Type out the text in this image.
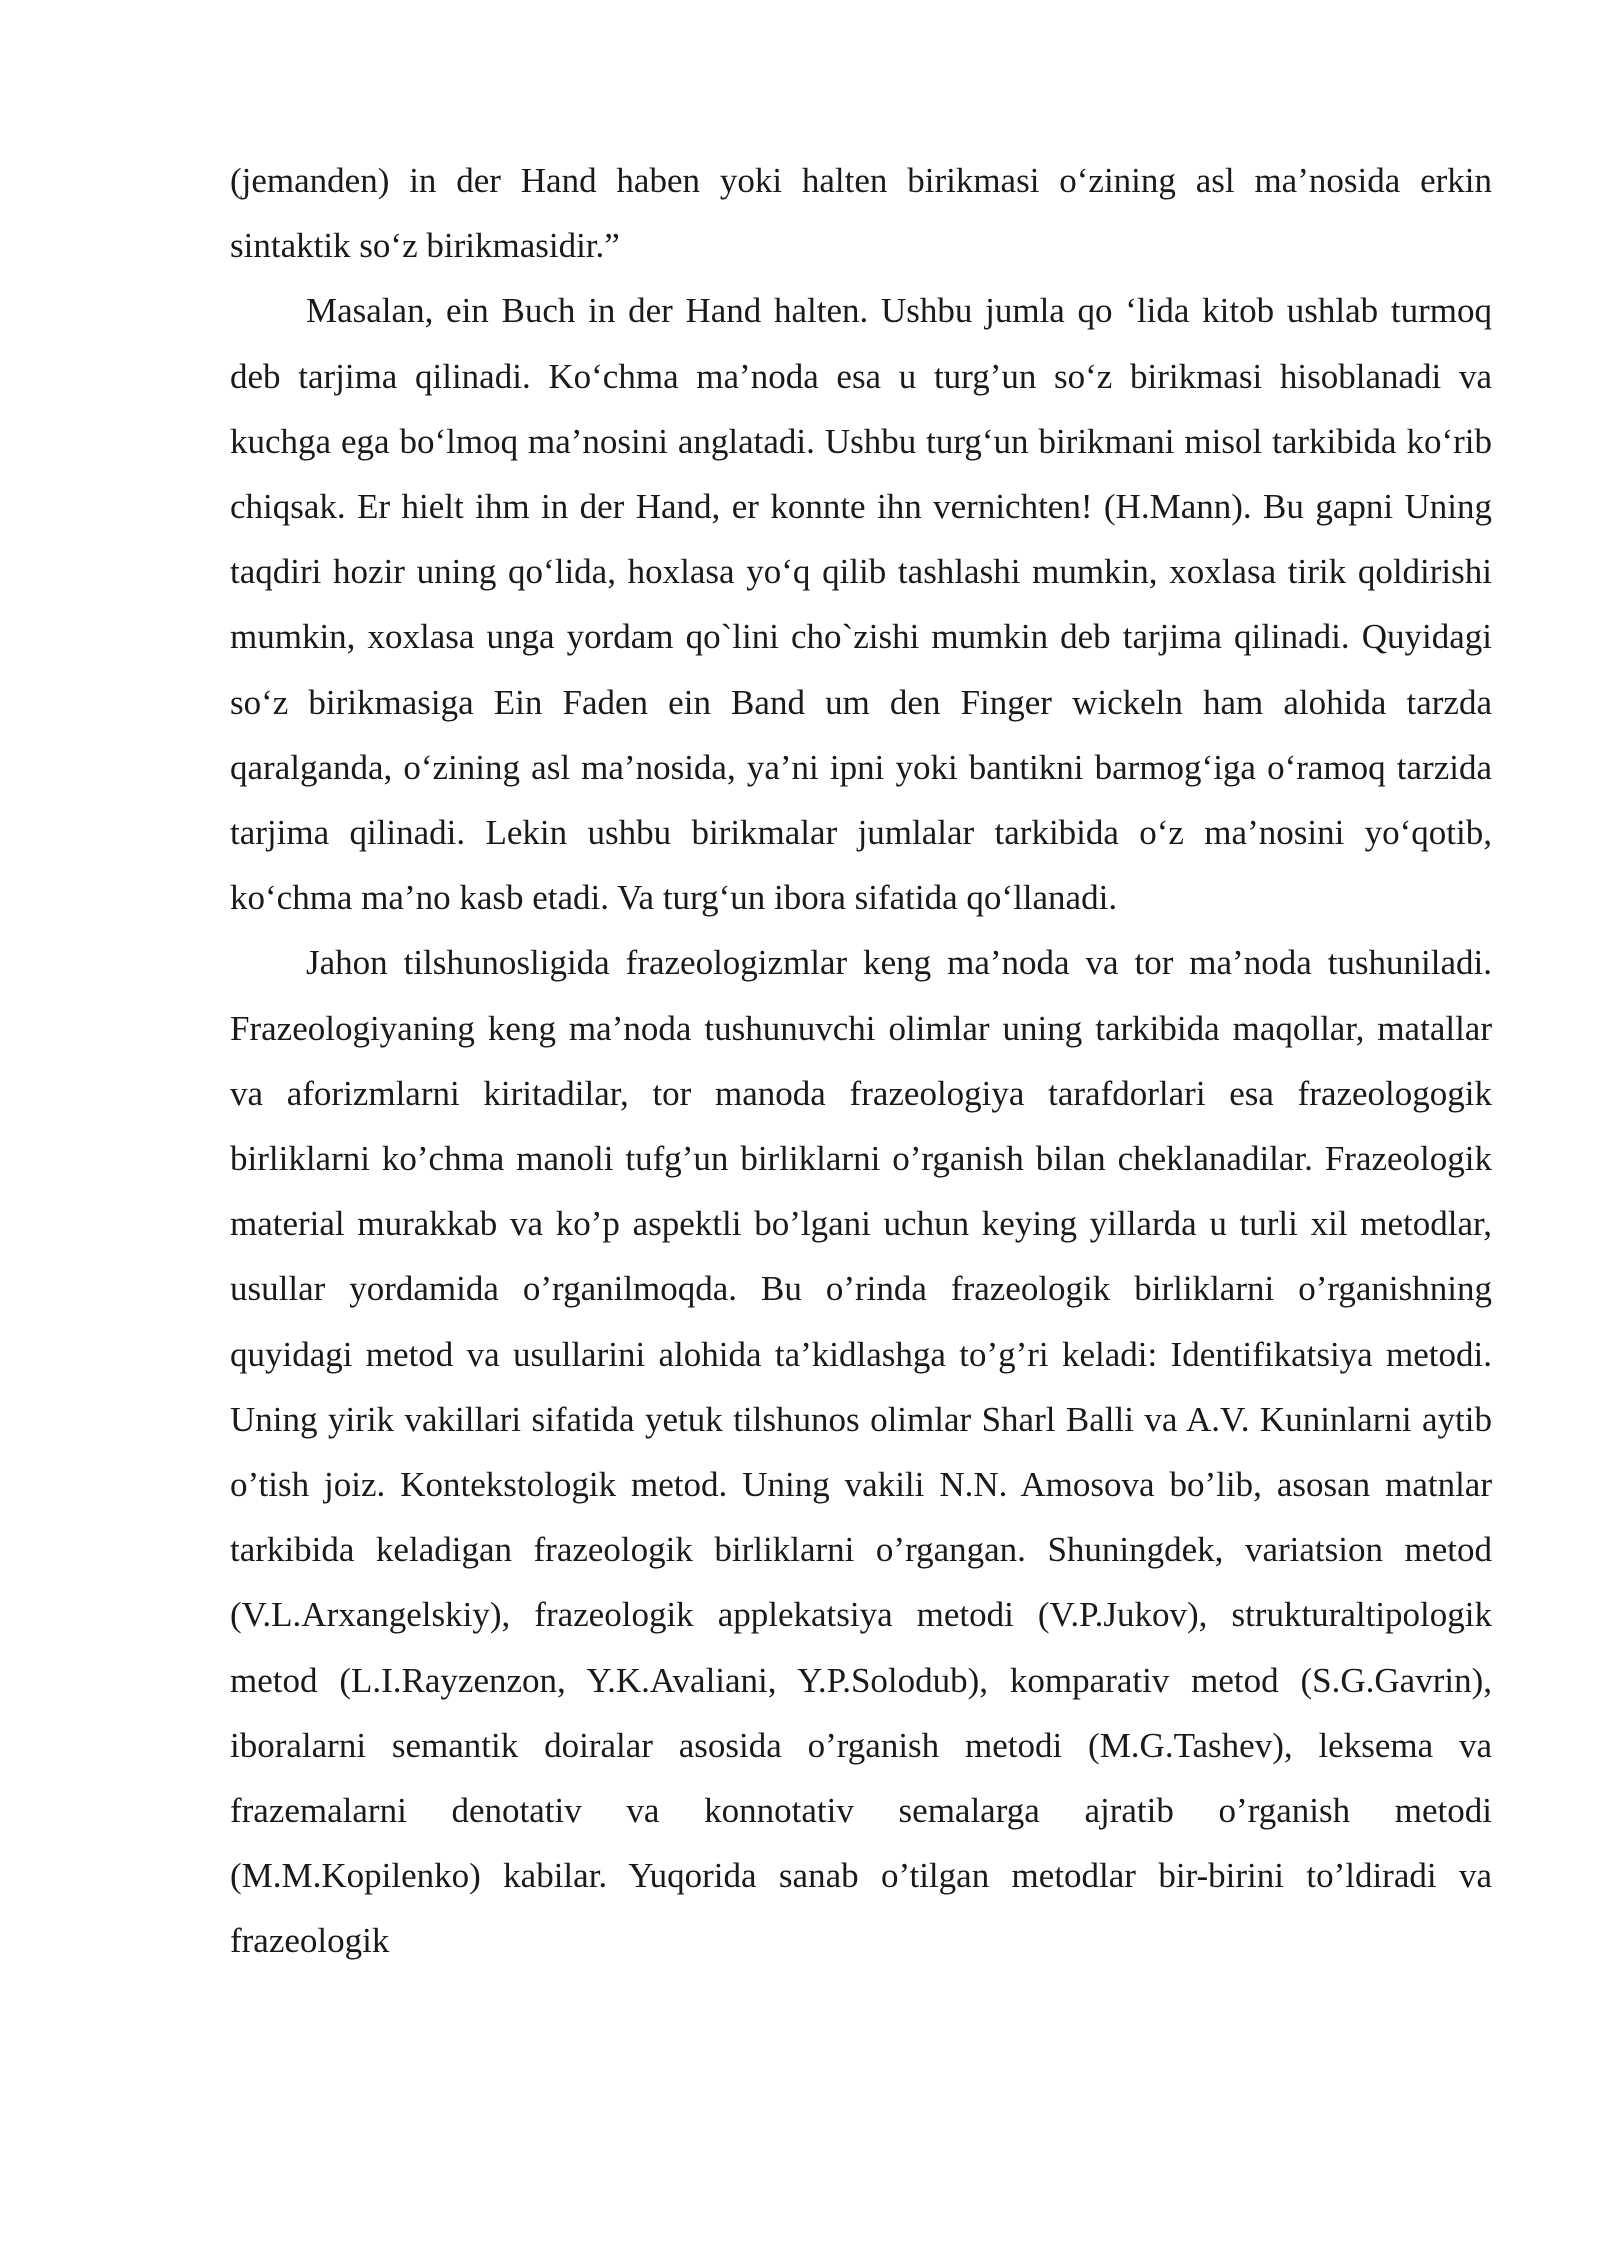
(jemanden) in der Hand haben yoki halten birikmasi o‘zining asl ma’nosida erkin sintaktik so‘z birikmasidir.”

Masalan, ein Buch in der Hand halten. Ushbu jumla qo ‘lida kitob ushlab turmoq deb tarjima qilinadi. Ko‘chma ma’noda esa u turg’un so‘z birikmasi hisoblanadi va kuchga ega bo‘lmoq ma’nosini anglatadi. Ushbu turg‘un birikmani misol tarkibida ko‘rib chiqsak. Er hielt ihm in der Hand, er konnte ihn vernichten! (H.Mann). Bu gapni Uning taqdiri hozir uning qo‘lida, hoxlasa yo‘q qilib tashlashi mumkin, xoxlasa tirik qoldirishi mumkin, xoxlasa unga yordam qo`lini cho`zishi mumkin deb tarjima qilinadi. Quyidagi so‘z birikmasiga Ein Faden ein Band um den Finger wickeln ham alohida tarzda qaralganda, o‘zining asl ma’nosida, ya’ni ipni yoki bantikni barmog‘iga o‘ramoq tarzida tarjima qilinadi. Lekin ushbu birikmalar jumlalar tarkibida o‘z ma’nosini yo‘qotib, ko‘chma ma’no kasb etadi. Va turg‘un ibora sifatida qo‘llanadi.

Jahon tilshunosligida frazeologizmlar keng ma’noda va tor ma’noda tushuniladi. Frazeologiyaning keng ma’noda tushunuvchi olimlar uning tarkibida maqollar, matallar va aforizmlarni kiritadilar, tor manoda frazeologiya tarafdorlari esa frazeologogik birliklarni ko’chma manoli tufg’un birliklarni o’rganish bilan cheklanadilar. Frazeologik material murakkab va ko’p aspektli bo’lgani uchun keying yillarda u turli xil metodlar, usullar yordamida o’rganilmoqda. Bu o’rinda frazeologik birliklarni o’rganishning quyidagi metod va usullarini alohida ta’kidlashga to’g’ri keladi: Identifikatsiya metodi. Uning yirik vakillari sifatida yetuk tilshunos olimlar Sharl Balli va A.V. Kuninlarni aytib o’tish joiz. Kontekstologik metod. Uning vakili N.N. Amosova bo’lib, asosan matnlar tarkibida keladigan frazeologik birliklarni o’rgangan. Shuningdek, variatsion metod (V.L.Arxangelskiy), frazeologik applekatsiya metodi (V.P.Jukov), strukturaltipologik metod (L.I.Rayzenzon, Y.K.Avaliani, Y.P.Solodub), komparativ metod (S.G.Gavrin), iboralarni semantik doiralar asosida o’rganish metodi (M.G.Tashev), leksema va frazemalarni denotativ va konnotativ semalarga ajratib o’rganish metodi (M.M.Kopilenko) kabilar. Yuqorida sanab o’tilgan metodlar bir-birini to’ldiradi va frazeologik
